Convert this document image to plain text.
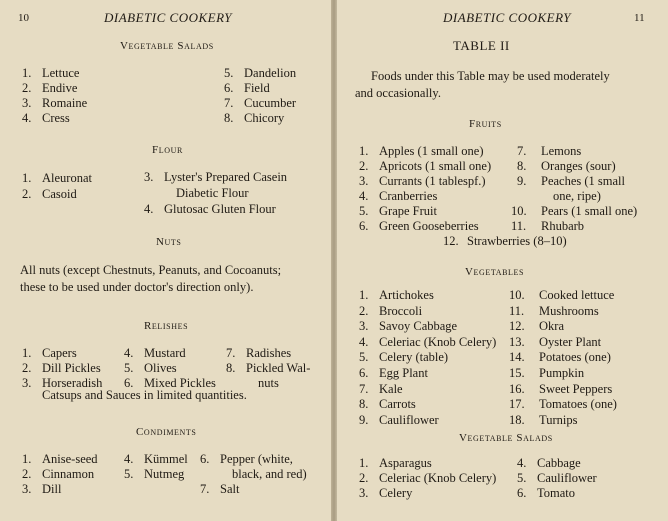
10	DIABETIC COOKERY
Vegetable Salads
1. Lettuce
2. Endive
3. Romaine
4. Cress
5. Dandelion
6. Field
7. Cucumber
8. Chicory
Flour
1. Aleuronat
2. Casoid
3. Lyster's Prepared Casein
Diabetic Flour
4. Glutosac Gluten Flour
Nuts
All nuts (except Chestnuts, Peanuts, and Cocoanuts;
these to be used under doctor's direction only).
Relishes
1. Capers
2. Dill Pickles
3. Horseradish
4. Mustard
5. Olives
6. Mixed Pickles
7. Radishes
8. Pickled Wal-
nuts
Catsups and Sauces in limited quantities.
Condiments
1. Anise-seed
2. Cinnamon
3. Dill
4. Kümmel
5. Nutmeg
6. Pepper (white,
black, and red)
7. Salt
DIABETIC COOKERY	11
TABLE II
Foods under this Table may be used moderately
and occasionally.
Fruits
1. Apples (1 small one)
2. Apricots (1 small one)
3. Currants (1 tablespf.)
4. Cranberries
5. Grape Fruit
6. Green Gooseberries
7. Lemons
8. Oranges (sour)
9. Peaches (1 small
one, ripe)
10. Pears (1 small one)
11. Rhubarb
12. Strawberries (8–10)
Vegetables
1. Artichokes
2. Broccoli
3. Savoy Cabbage
4. Celeriac (Knob Celery)
5. Celery (table)
6. Egg Plant
7. Kale
8. Carrots
9. Cauliflower
10. Cooked lettuce
11. Mushrooms
12. Okra
13. Oyster Plant
14. Potatoes (one)
15. Pumpkin
16. Sweet Peppers
17. Tomatoes (one)
18. Turnips
Vegetable Salads
1. Asparagus
2. Celeriac (Knob Celery)
3. Celery
4. Cabbage
5. Cauliflower
6. Tomato
